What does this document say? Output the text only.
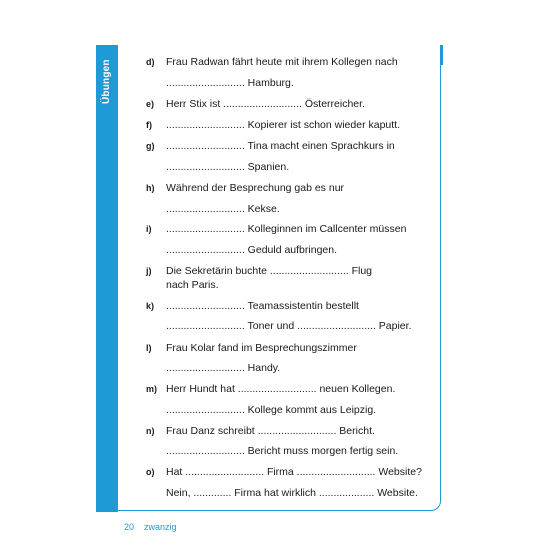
Übungen	d) Frau Radwan fährt heute mit ihrem Kollegen nach
........................... Hamburg.
e) Herr Stix ist ........................... Österreicher.
f) ........................... Kopierer ist schon wieder kaputt.
g) ........................... Tina macht einen Sprachkurs in
........................... Spanien.
h) Während der Besprechung gab es nur
........................... Kekse.
i) ........................... Kolleginnen im Callcenter müssen
........................... Geduld aufbringen.
j) Die Sekretärin buchte ........................... Flug
nach Paris.
k) ........................... Teamassistentin bestellt
........................... Toner und ........................... Papier.
l) Frau Kolar fand im Besprechungszimmer
........................... Handy.
m) Herr Hundt hat ........................... neuen Kollegen.
........................... Kollege kommt aus Leipzig.
n) Frau Danz schreibt ........................... Bericht.
........................... Bericht muss morgen fertig sein.
o) Hat ........................... Firma ........................... Website?
Nein, ............. Firma hat wirklich ................... Website.
20 zwanzig
